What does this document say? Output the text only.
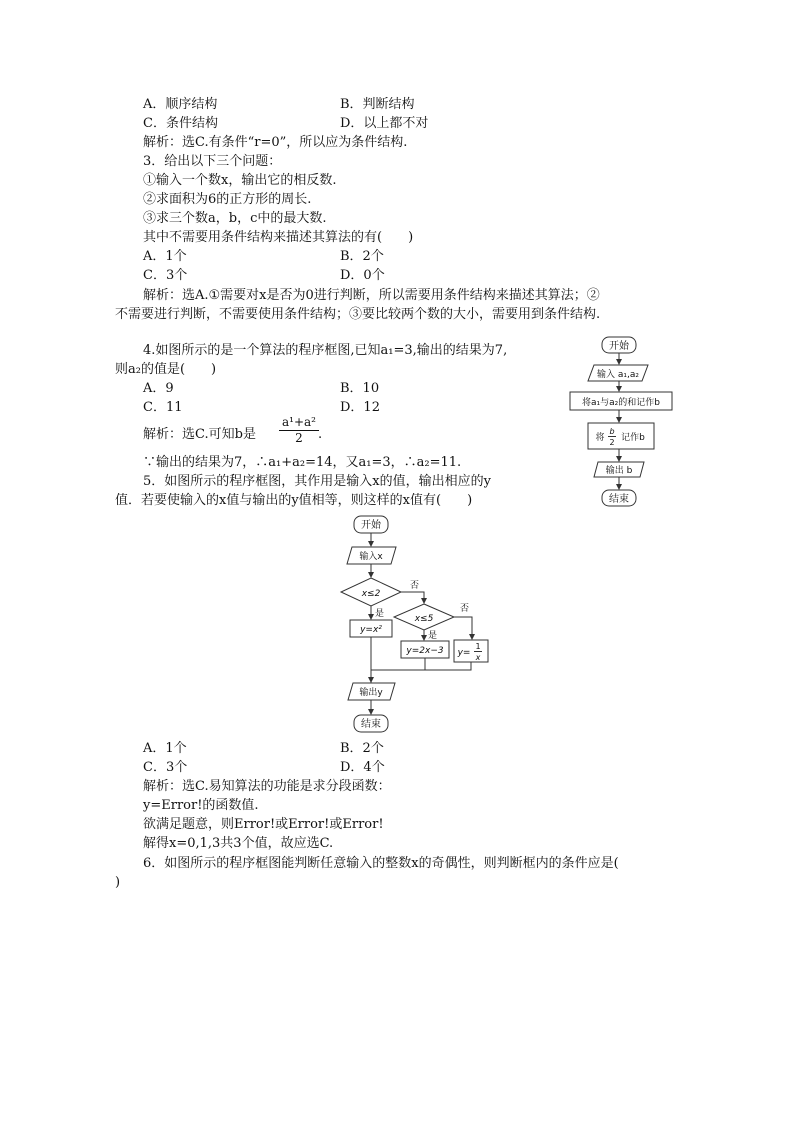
A．顺序结构	B．判断结构
C．条件结构	D．以上都不对
解析：选C.有条件“r=0”，所以应为条件结构.
3．给出以下三个问题：
①输入一个数x，输出它的相反数.
②求面积为6的正方形的周长.
③求三个数a，b，c中的最大数.
其中不需要用条件结构来描述其算法的有(　　)
A．1个	B．2个
C．3个	D．0个
解析：选A.①需要对x是否为0进行判断，所以需要用条件结构来描述其算法；②
不需要进行判断，不需要使用条件结构；③要比较两个数的大小，需要用到条件结构.
4.如图所示的是一个算法的程序框图,已知a₁=3,输出的结果为7,
则a₂的值是(　　)
A．9	B．10
C．11	D．12
解析：选C.可知b是
a¹+a²
2	.
∵输出的结果为7，∴a₁+a₂=14，又a₁=3，∴a₂=11.
开始
输入 a₁,a₂
将a₁与a₂的和记作b
将
b
2 记作b
输出 b
结束
5．如图所示的程序框图，其作用是输入x的值，输出相应的y
值．若要使输入的x值与输出的y值相等，则这样的x值有(　　)
开始
输入x
x≤2
否
是
y=x²
x≤5
否
是
y=2x−3 y=
1
x
输出y
结束
A．1个	B．2个
C．3个	D．4个
解析：选C.易知算法的功能是求分段函数：
y=Error!的函数值.
欲满足题意，则Error!或Error!或Error!
解得x=0,1,3共3个值，故应选C.
6．如图所示的程序框图能判断任意输入的整数x的奇偶性，则判断框内的条件应是(
)
